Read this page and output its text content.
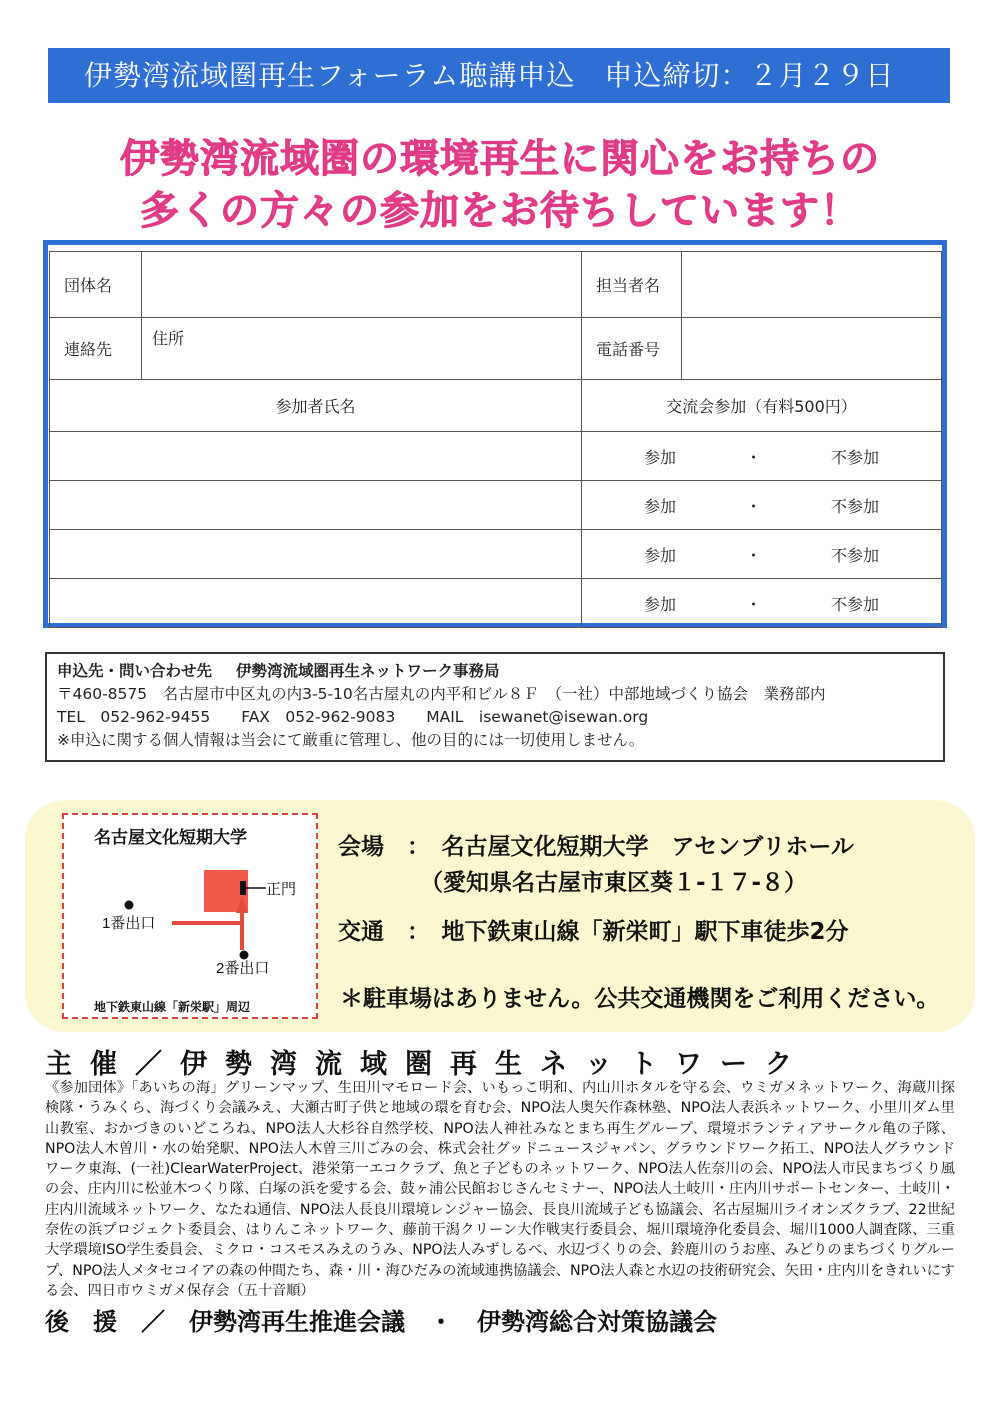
伊勢湾流域圏再生フォーラム聴講申込　申込締切：２月２９日
伊勢湾流域圏の環境再生に関心をお持ちの
多くの方々の参加をお待ちしています！
団体名		担当者名	
連絡先	住所	電話番号	
参加者氏名		交流会参加（有料500円）	

		参加 ・ 不参加	

		参加 ・ 不参加	

		参加 ・ 不参加	

		参加 ・ 不参加	
申込先・問い合わせ先 伊勢湾流域圏再生ネットワーク事務局
〒460-8575　名古屋市中区丸の内3-5-10名古屋丸の内平和ビル８Ｆ　（一社）中部地域づくり協会　業務部内
TEL　052-962-9455　　FAX　052-962-9083　　MAIL　isewanet@isewan.org
※申込に関する個人情報は当会にて厳重に管理し、他の目的には一切使用しません。
名古屋文化短期大学
正門
1番出口
2番出口
地下鉄東山線「新栄駅」周辺
会場　：　名古屋文化短期大学　アセンブリホール
（愛知県名古屋市東区葵１-１７-８）
交通　：　地下鉄東山線「新栄町」駅下車徒歩2分
＊駐車場はありません。公共交通機関をご利用ください。
主催／伊勢湾流域圏再生ネットワーク
《参加団体》「あいちの海」グリーンマップ、生田川マモロード会、いもっこ明和、内山川ホタルを守る会、ウミガメネットワーク、海蔵川探検隊・うみくら、海づくり会議みえ、大瀬古町子供と地域の環を育む会、NPO法人奥矢作森林塾、NPO法人表浜ネットワーク、小里川ダム里山教室、おかづきのいどころね、NPO法人大杉谷自然学校、NPO法人神社みなとまち再生グループ、環境ボランティアサークル亀の子隊、NPO法人木曽川・水の始発駅、NPO法人木曽三川ごみの会、株式会社グッドニュースジャパン、グラウンドワーク拓工、NPO法人グラウンドワーク東海、(一社)ClearWaterProject、港栄第一エコクラブ、魚と子どものネットワーク、NPO法人佐奈川の会、NPO法人市民まちづくり風の会、庄内川に松並木つくり隊、白塚の浜を愛する会、鼓ヶ浦公民館おじさんセミナー、NPO法人土岐川・庄内川サポートセンター、土岐川・庄内川流域ネットワーク、なたね通信、NPO法人長良川環境レンジャー協会、長良川流域子ども協議会、名古屋堀川ライオンズクラブ、22世紀奈佐の浜プロジェクト委員会、はりんこネットワーク、藤前干潟クリーン大作戦実行委員会、堀川環境浄化委員会、堀川1000人調査隊、三重大学環境ISO学生委員会、ミクロ・コスモスみえのうみ、NPO法人みずしるべ、水辺づくりの会、鈴鹿川のうお座、みどりのまちづくりグループ、NPO法人メタセコイアの森の仲間たち、森・川・海ひだみの流域連携協議会、NPO法人森と水辺の技術研究会、矢田・庄内川をきれいにする会、四日市ウミガメ保存会（五十音順）
後　援　／　伊勢湾再生推進会議　・　伊勢湾総合対策協議会
